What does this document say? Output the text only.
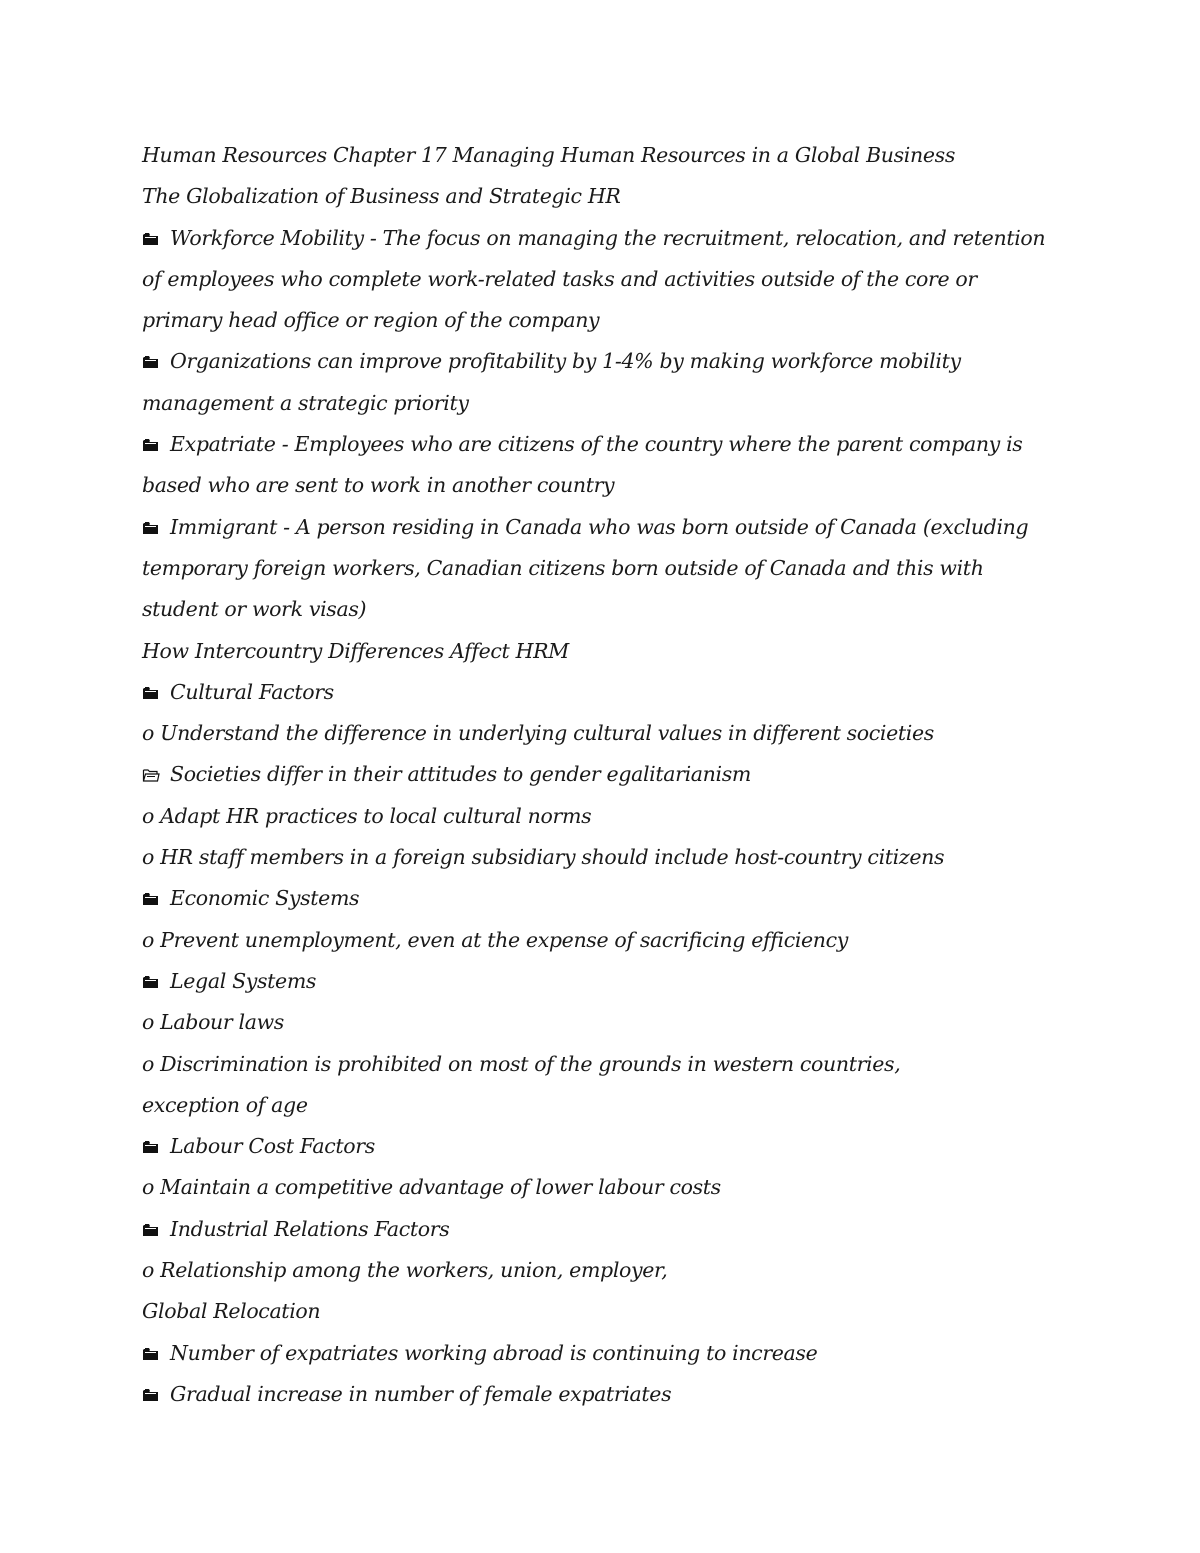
Human Resources Chapter 17 Managing Human Resources in a Global Business
The Globalization of Business and Strategic HR
Workforce Mobility - The focus on managing the recruitment, relocation, and retention
of employees who complete work-related tasks and activities outside of the core or
primary head office or region of the company
Organizations can improve profitability by 1-4% by making workforce mobility
management a strategic priority
Expatriate - Employees who are citizens of the country where the parent company is
based who are sent to work in another country
Immigrant - A person residing in Canada who was born outside of Canada (excluding
temporary foreign workers, Canadian citizens born outside of Canada and this with
student or work visas)
How Intercountry Differences Affect HRM
Cultural Factors
o Understand the difference in underlying cultural values in different societies
Societies differ in their attitudes to gender egalitarianism
o Adapt HR practices to local cultural norms
o HR staff members in a foreign subsidiary should include host-country citizens
Economic Systems
o Prevent unemployment, even at the expense of sacrificing efficiency
Legal Systems
o Labour laws
o Discrimination is prohibited on most of the grounds in western countries,
exception of age
Labour Cost Factors
o Maintain a competitive advantage of lower labour costs
Industrial Relations Factors
o Relationship among the workers, union, employer,
Global Relocation
Number of expatriates working abroad is continuing to increase
Gradual increase in number of female expatriates
